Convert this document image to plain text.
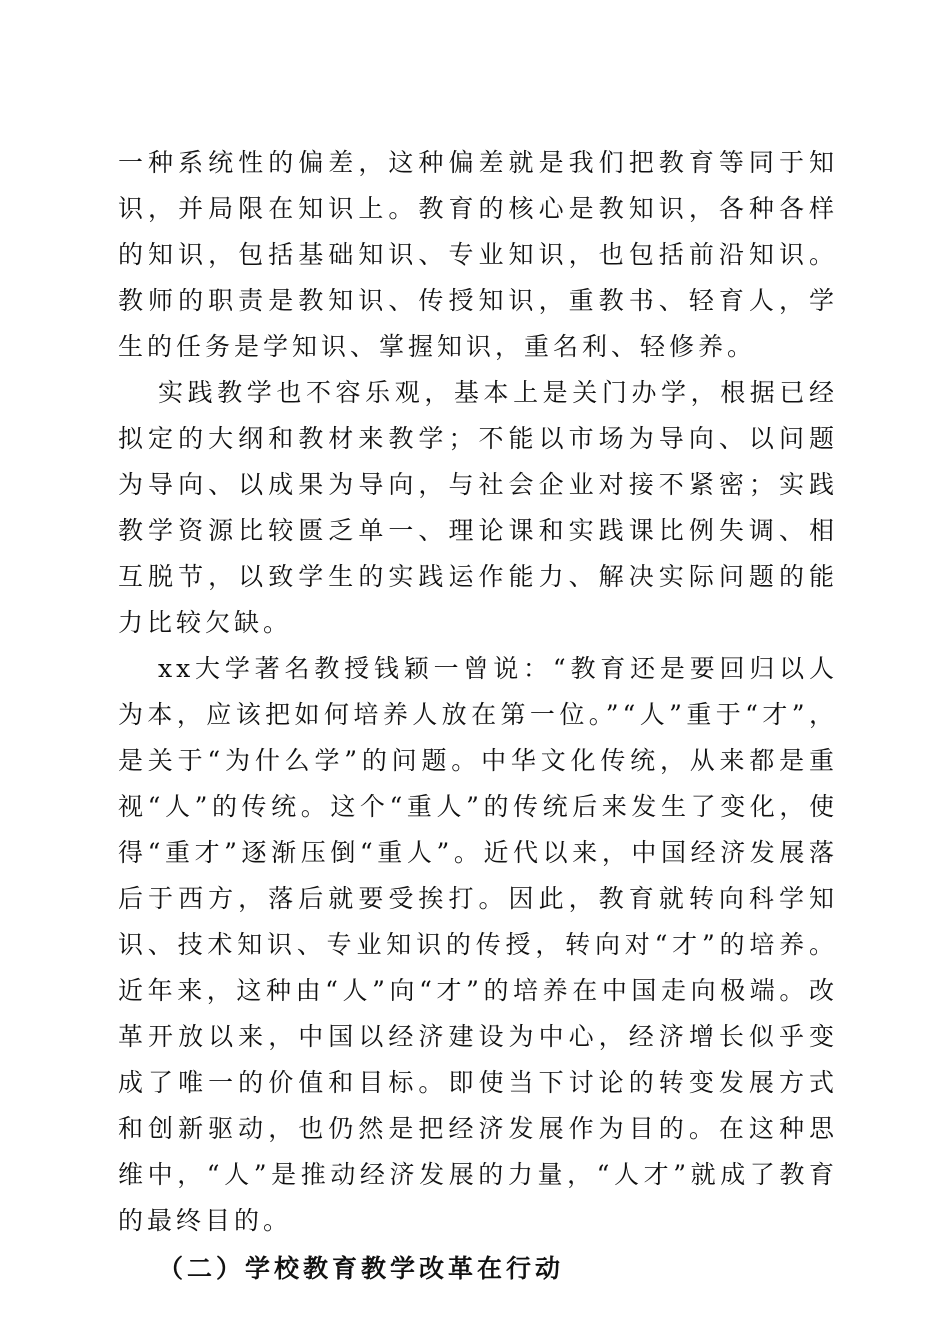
一种系统性的偏差，这种偏差就是我们把教育等同于知识，并局限在知识上。教育的核心是教知识，各种各样的知识，包括基础知识、专业知识，也包括前沿知识。教师的职责是教知识、传授知识，重教书、轻育人，学生的任务是学知识、掌握知识，重名利、轻修养。

实践教学也不容乐观，基本上是关门办学，根据已经拟定的大纲和教材来教学；不能以市场为导向、以问题为导向、以成果为导向，与社会企业对接不紧密；实践教学资源比较匮乏单一、理论课和实践课比例失调、相互脱节，以致学生的实践运作能力、解决实际问题的能力比较欠缺。

xx大学著名教授钱颖一曾说：“教育还是要回归以人为本，应该把如何培养人放在第一位。”“人”重于“才”，是关于“为什么学”的问题。中华文化传统，从来都是重视“人”的传统。这个“重人”的传统后来发生了变化，使得“重才”逐渐压倒“重人”。近代以来，中国经济发展落后于西方，落后就要受挨打。因此，教育就转向科学知识、技术知识、专业知识的传授，转向对“才”的培养。近年来，这种由“人”向“才”的培养在中国走向极端。改革开放以来，中国以经济建设为中心，经济增长似乎变成了唯一的价值和目标。即使当下讨论的转变发展方式和创新驱动，也仍然是把经济发展作为目的。在这种思维中，“人”是推动经济发展的力量，“人才”就成了教育的最终目的。

（二）学校教育教学改革在行动
